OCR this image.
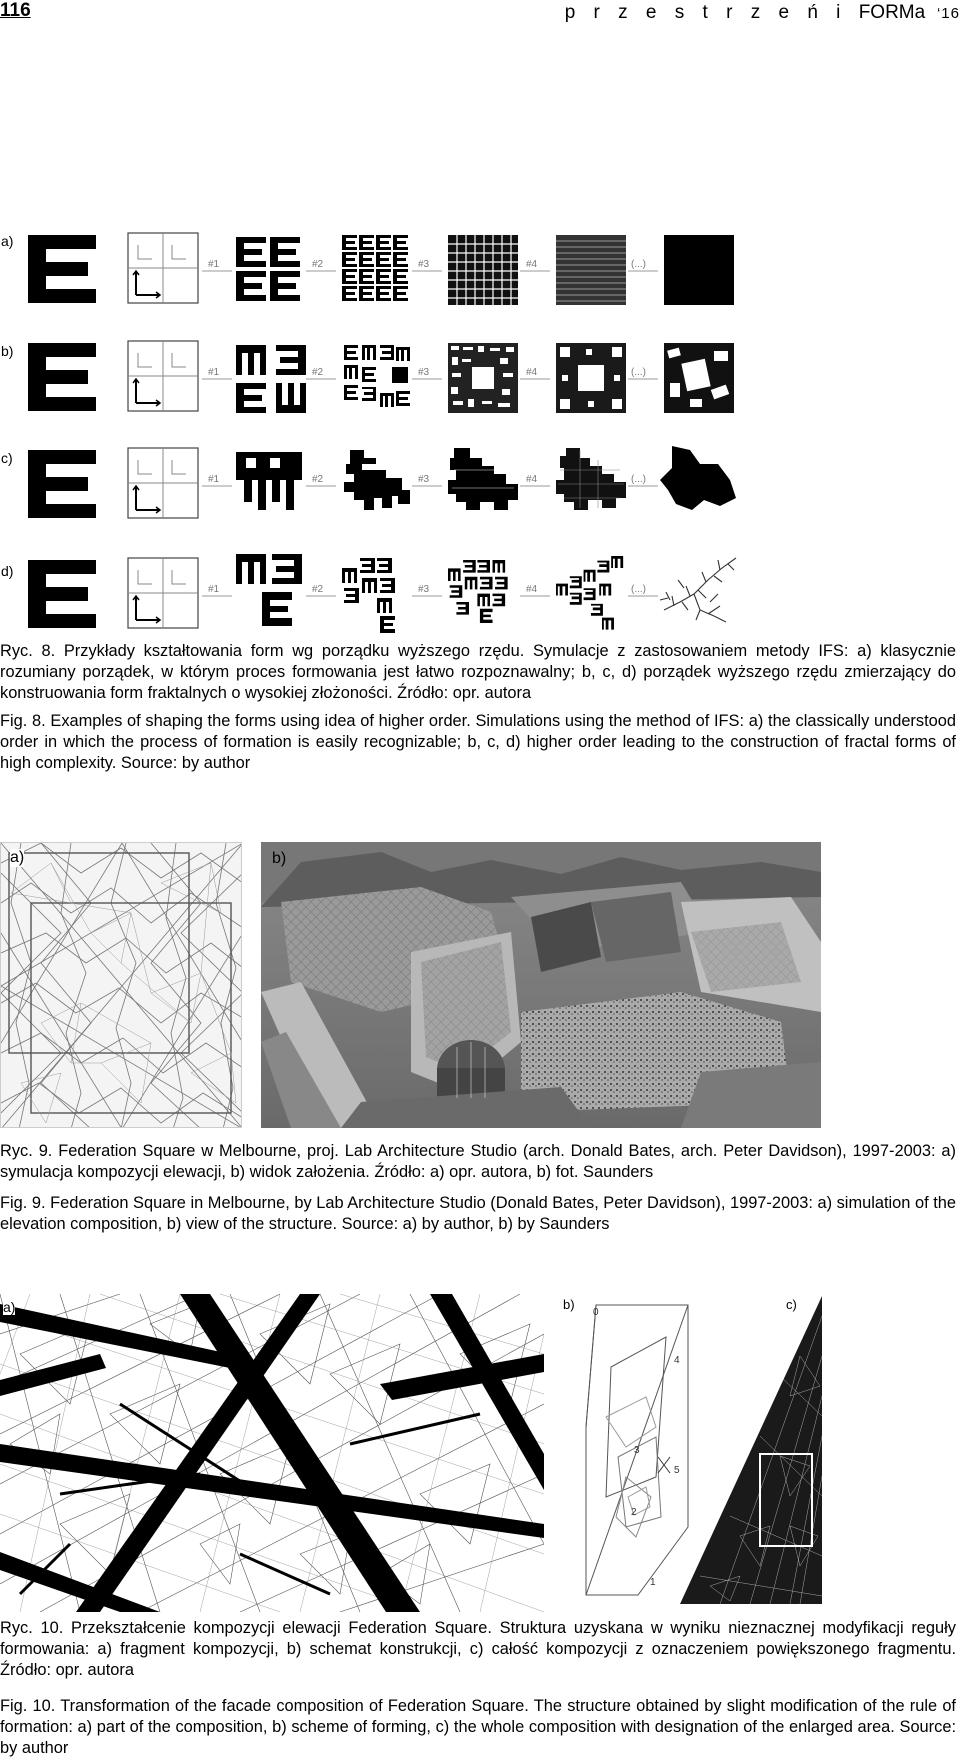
116	p r z e s t r z e ń i FORMa ‘16
a)
b)
c)
d)
#1	#2	#3	#4	(...)
#1	#2	#3	#4	(...)
#1	#2	#3	#4	(...)
#1	#2	#3	#4	(...)
Ryc. 8. Przykłady kształtowania form wg porządku wyższego rzędu. Symulacje z zastosowaniem metody IFS: a) klasycznie rozumiany porządek, w którym proces formowania jest łatwo rozpoznawalny; b, c, d) porządek wyższego rzędu zmierzający do konstruowania form fraktalnych o wysokiej złożoności. Źródło: opr. autora
Fig. 8. Examples of shaping the forms using idea of higher order. Simulations using the method of IFS: a) the classically understood order in which the process of formation is easily recognizable; b, c, d) higher order leading to the construction of fractal forms of high complexity. Source: by author
a)	b)
Ryc. 9. Federation Square w Melbourne, proj. Lab Architecture Studio (arch. Donald Bates, arch. Peter Davidson), 1997-2003: a) symulacja kompozycji elewacji, b) widok założenia. Źródło: a) opr. autora, b) fot. Saunders
Fig. 9. Federation Square in Melbourne, by Lab Architecture Studio (Donald Bates, Peter Davidson), 1997-2003: a) simulation of the elevation composition, b) view of the structure. Source: a) by author, b) by Saunders
a)	0
1
2
3
4
5
b)	c)
Ryc. 10. Przekształcenie kompozycji elewacji Federation Square. Struktura uzyskana w wyniku nieznacznej modyfikacji reguły formowania: a) fragment kompozycji, b) schemat konstrukcji, c) całość kompozycji z oznaczeniem powiększonego fragmentu. Źródło: opr. autora
Fig. 10. Transformation of the facade composition of Federation Square. The structure obtained by slight modification of the rule of formation: a) part of the composition, b) scheme of forming, c) the whole composition with designation of the enlarged area. Source: by author
